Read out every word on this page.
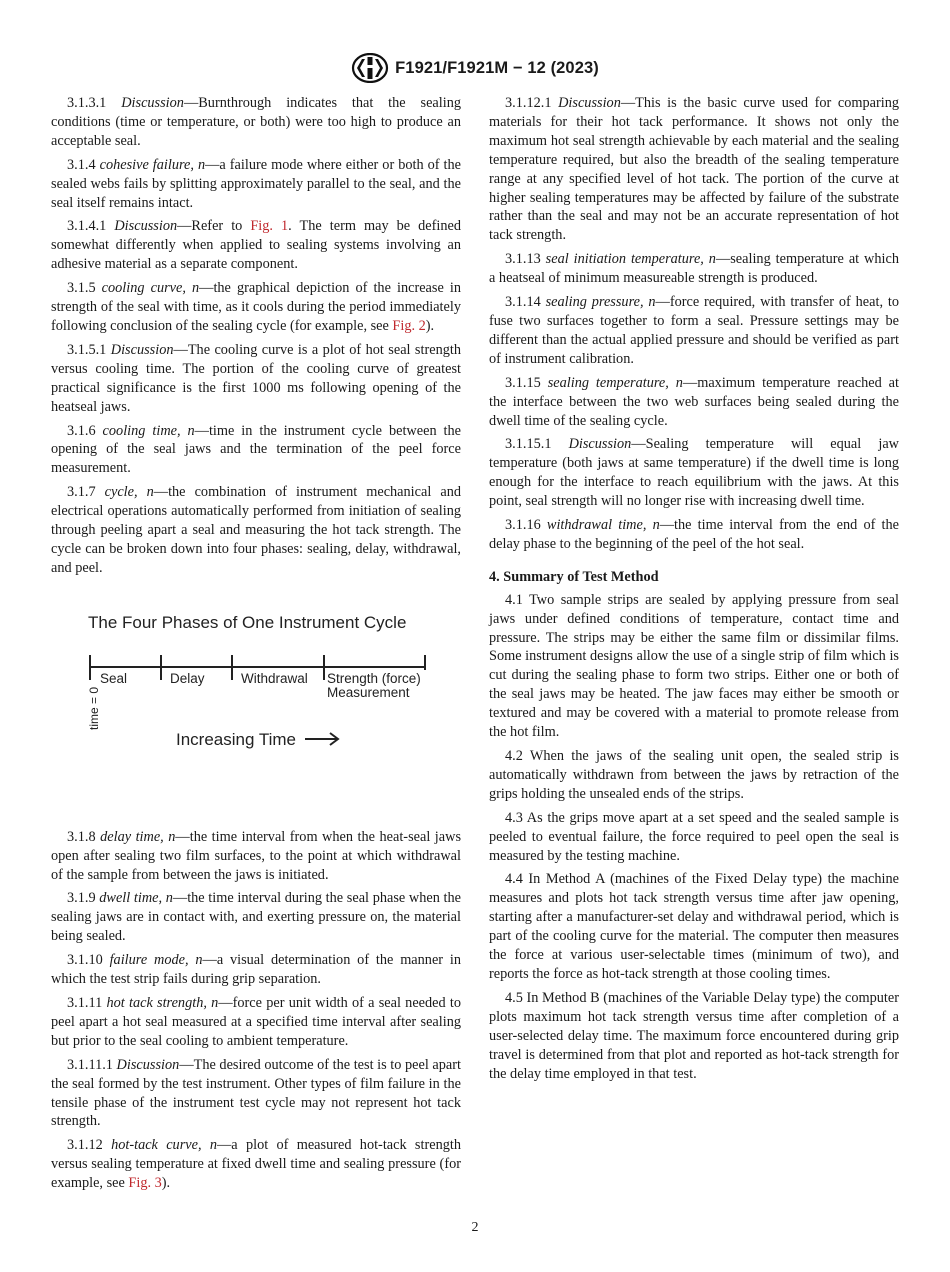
F1921/F1921M − 12 (2023)

3.1.3.1 Discussion—Burnthrough indicates that the sealing conditions (time or temperature, or both) were too high to produce an acceptable seal.

3.1.4 cohesive failure, n—a failure mode where either or both of the sealed webs fails by splitting approximately parallel to the seal, and the seal itself remains intact.

3.1.4.1 Discussion—Refer to Fig. 1. The term may be defined somewhat differently when applied to sealing systems involving an adhesive material as a separate component.

3.1.5 cooling curve, n—the graphical depiction of the increase in strength of the seal with time, as it cools during the period immediately following conclusion of the sealing cycle (for example, see Fig. 2).

3.1.5.1 Discussion—The cooling curve is a plot of hot seal strength versus cooling time. The portion of the cooling curve of greatest practical significance is the first 1000 ms following opening of the heatseal jaws.

3.1.6 cooling time, n—time in the instrument cycle between the opening of the seal jaws and the termination of the peel force measurement.

3.1.7 cycle, n—the combination of instrument mechanical and electrical operations automatically performed from initiation of sealing through peeling apart a seal and measuring the hot tack strength. The cycle can be broken down into four phases: sealing, delay, withdrawal, and peel.

The Four Phases of One Instrument Cycle
Seal	Delay	Withdrawal Strength (force)
Measurement
time = 0
Increasing Time

3.1.8 delay time, n—the time interval from when the heat-seal jaws open after sealing two film surfaces, to the point at which withdrawal of the sample from between the jaws is initiated.

3.1.9 dwell time, n—the time interval during the seal phase when the sealing jaws are in contact with, and exerting pressure on, the material being sealed.

3.1.10 failure mode, n—a visual determination of the manner in which the test strip fails during grip separation.

3.1.11 hot tack strength, n—force per unit width of a seal needed to peel apart a hot seal measured at a specified time interval after sealing but prior to the seal cooling to ambient temperature.

3.1.11.1 Discussion—The desired outcome of the test is to peel apart the seal formed by the test instrument. Other types of film failure in the tensile phase of the instrument test cycle may not represent hot tack strength.

3.1.12 hot-tack curve, n—a plot of measured hot-tack strength versus sealing temperature at fixed dwell time and sealing pressure (for example, see Fig. 3).

3.1.12.1 Discussion—This is the basic curve used for comparing materials for their hot tack performance. It shows not only the maximum hot seal strength achievable by each material and the sealing temperature required, but also the breadth of the sealing temperature range at any specified level of hot tack. The portion of the curve at higher sealing temperatures may be affected by failure of the substrate rather than the seal and may not be an accurate representation of hot tack strength.

3.1.13 seal initiation temperature, n—sealing temperature at which a heatseal of minimum measureable strength is produced.

3.1.14 sealing pressure, n—force required, with transfer of heat, to fuse two surfaces together to form a seal. Pressure settings may be different than the actual applied pressure and should be verified as part of instrument calibration.

3.1.15 sealing temperature, n—maximum temperature reached at the interface between the two web surfaces being sealed during the dwell time of the sealing cycle.

3.1.15.1 Discussion—Sealing temperature will equal jaw temperature (both jaws at same temperature) if the dwell time is long enough for the interface to reach equilibrium with the jaws. At this point, seal strength will no longer rise with increasing dwell time.

3.1.16 withdrawal time, n—the time interval from the end of the delay phase to the beginning of the peel of the hot seal.

4. Summary of Test Method

4.1 Two sample strips are sealed by applying pressure from seal jaws under defined conditions of temperature, contact time and pressure. The strips may be either the same film or dissimilar films. Some instrument designs allow the use of a single strip of film which is cut during the sealing phase to form two strips. Either one or both of the seal jaws may be heated. The jaw faces may either be smooth or textured and may be covered with a material to promote release from the hot film.

4.2 When the jaws of the sealing unit open, the sealed strip is automatically withdrawn from between the jaws by retraction of the grips holding the unsealed ends of the strips.

4.3 As the grips move apart at a set speed and the sealed sample is peeled to eventual failure, the force required to peel open the seal is measured by the testing machine.

4.4 In Method A (machines of the Fixed Delay type) the machine measures and plots hot tack strength versus time after jaw opening, starting after a manufacturer-set delay and withdrawal period, which is part of the cooling curve for the material. The computer then measures the force at various user-selectable times (minimum of two), and reports the force as hot-tack strength at those cooling times.

4.5 In Method B (machines of the Variable Delay type) the computer plots maximum hot tack strength versus time after completion of a user-selected delay time. The maximum force encountered during grip travel is determined from that plot and reported as hot-tack strength for the delay time employed in that test.

2
